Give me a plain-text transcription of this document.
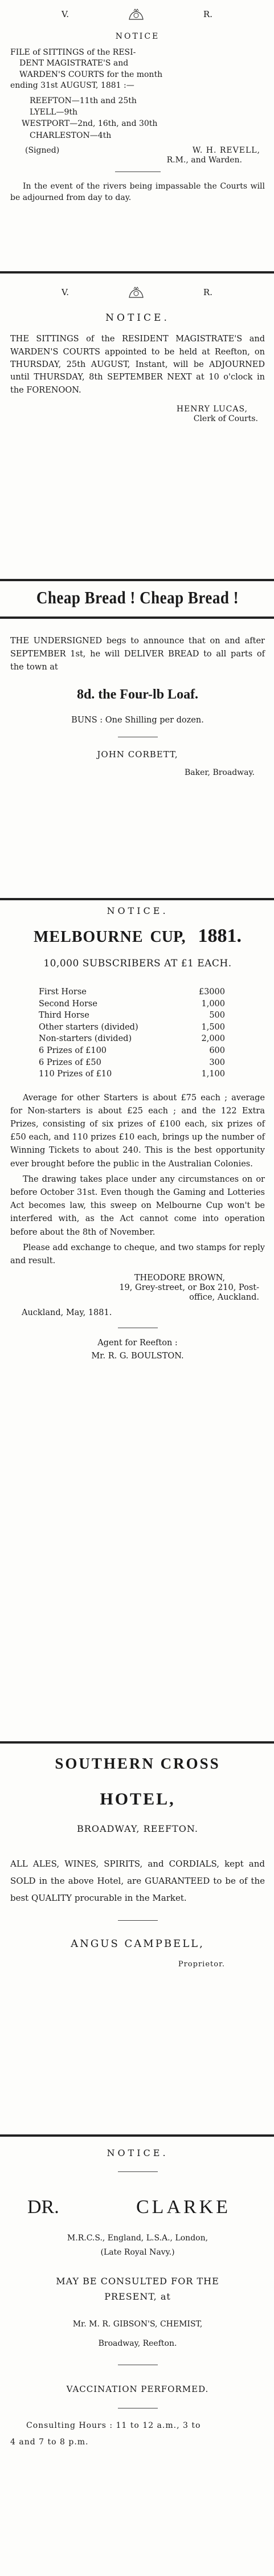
V.	R.
NOTICE
FILE of SITTINGS of the RESI-
DENT MAGISTRATE'S and
WARDEN'S COURTS for the month
ending 31st AUGUST, 1881 :—
REEFTON—11th and 25th
LYELL—9th
WESTPORT—2nd, 16th, and 30th
CHARLESTON—4th
(Signed)	W. H. REVELL,
R.M., and Warden.
In the event of the rivers being impassable the Courts will be adjourned from day to day.
V.	R.
NOTICE.
THE SITTINGS of the RESIDENT MAGISTRATE'S and WARDEN'S COURTS appointed to be held at Reefton, on THURSDAY, 25th AUGUST, Instant, will be ADJOURNED until THURSDAY, 8th SEPTEMBER NEXT at 10 o'clock in the FORENOON.
HENRY LUCAS,
Clerk of Courts.
Cheap Bread ! Cheap Bread !
THE UNDERSIGNED begs to announce that on and after SEPTEMBER 1st, he will DELIVER BREAD to all parts of the town at
8d. the Four-lb Loaf.
BUNS : One Shilling per dozen.
JOHN CORBETT,
Baker, Broadway.
NOTICE.
MELBOURNE CUP, 1881.
10,000 SUBSCRIBERS AT £1 EACH.
First Horse	£3000
Second Horse	1,000
Third Horse	500
Other starters (divided)	1,500
Non-starters (divided)	2,000
6 Prizes of £100	600
6 Prizes of £50	300
110 Prizes of £10	1,100
Average for other Starters is about £75 each ; average for Non-starters is about £25 each ; and the 122 Extra Prizes, consisting of six prizes of £100 each, six prizes of £50 each, and 110 prizes £10 each, brings up the number of Winning Tickets to about 240. This is the best opportunity ever brought before the public in the Australian Colonies.
The drawing takes place under any circumstances on or before October 31st. Even though the Gaming and Lotteries Act becomes law, this sweep on Melbourne Cup won't be interfered with, as the Act cannot come into operation before about the 8th of November.
Please add exchange to cheque, and two stamps for reply and result.
THEODORE BROWN,
19, Grey-street, or Box 210, Post-
office, Auckland.
Auckland, May, 1881.
Agent for Reefton :
Mr. R. G. BOULSTON.
SOUTHERN CROSS
HOTEL,
BROADWAY, REEFTON.
ALL ALES, WINES, SPIRITS, and CORDIALS, kept and SOLD in the above Hotel, are GUARANTEED to be of the best QUALITY procurable in the Market.
ANGUS CAMPBELL,
Proprietor.
NOTICE.
DR.	CLARKE
M.R.C.S., England, L.S.A., London,
(Late Royal Navy.)
MAY BE CONSULTED FOR THE
PRESENT, at
Mr. M. R. GIBSON'S, CHEMIST,
Broadway, Reefton.
VACCINATION PERFORMED.
Consulting Hours : 11 to 12 a.m., 3 to
4 and 7 to 8 p.m.
